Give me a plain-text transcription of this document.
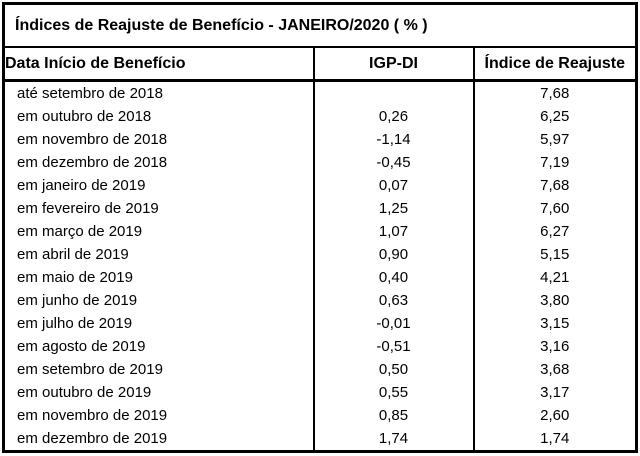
Índices de Reajuste de Benefício - JANEIRO/2020 ( % )		
Data Início de Benefício	IGP-DI	Índice de Reajuste
até setembro de 2018		7,68
em outubro de 2018	0,26	6,25
em novembro de 2018	-1,14	5,97
em dezembro de 2018	-0,45	7,19
em janeiro de 2019	0,07	7,68
em fevereiro de 2019	1,25	7,60
em março de 2019	1,07	6,27
em abril de 2019	0,90	5,15
em maio de 2019	0,40	4,21
em junho de 2019	0,63	3,80
em julho de 2019	-0,01	3,15
em agosto de 2019	-0,51	3,16
em setembro de 2019	0,50	3,68
em outubro de 2019	0,55	3,17
em novembro de 2019	0,85	2,60
em dezembro de 2019	1,74	1,74
